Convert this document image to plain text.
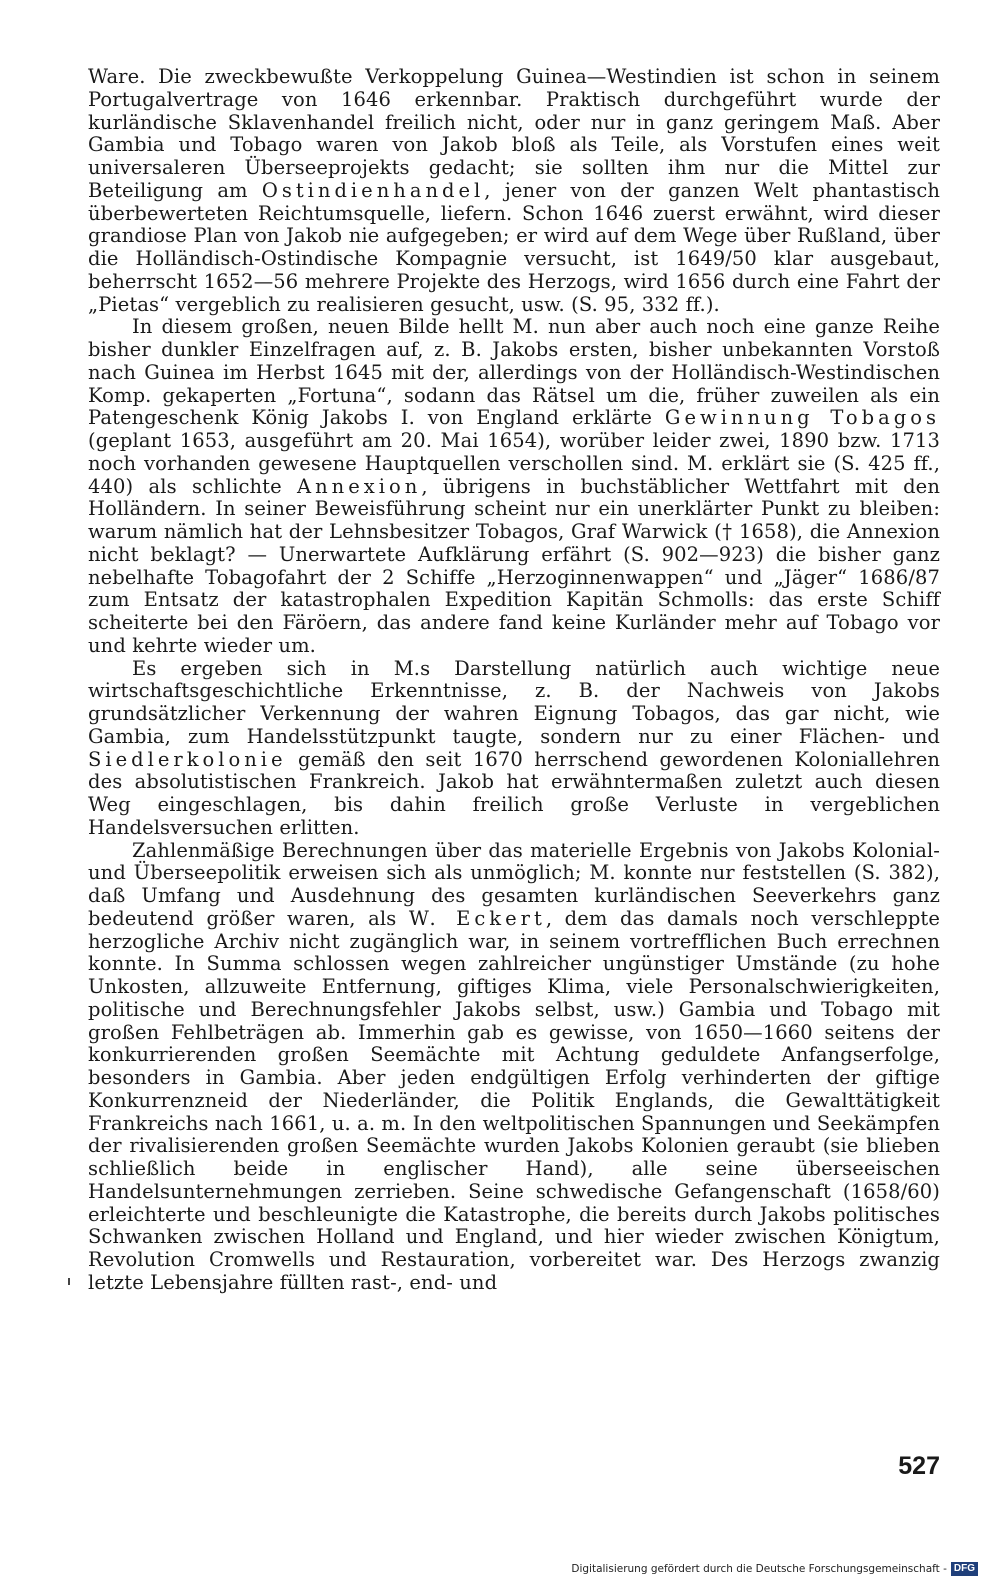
Ware. Die zweckbewußte Verkoppelung Guinea—Westindien ist schon in seinem Portugalvertrage von 1646 erkennbar. Praktisch durchgeführt wurde der kurländische Sklavenhandel freilich nicht, oder nur in ganz geringem Maß. Aber Gambia und Tobago waren von Jakob bloß als Teile, als Vorstufen eines weit universaleren Überseeprojekts gedacht; sie sollten ihm nur die Mittel zur Beteiligung am Ostindienhandel, jener von der ganzen Welt phantastisch überbewerteten Reichtumsquelle, liefern. Schon 1646 zuerst erwähnt, wird dieser grandiose Plan von Jakob nie aufgegeben; er wird auf dem Wege über Rußland, über die Holländisch-Ostindische Kompagnie versucht, ist 1649/50 klar ausgebaut, beherrscht 1652—56 mehrere Projekte des Herzogs, wird 1656 durch eine Fahrt der „Pietas“ vergeblich zu realisieren gesucht, usw. (S. 95, 332 ff.).

In diesem großen, neuen Bilde hellt M. nun aber auch noch eine ganze Reihe bisher dunkler Einzelfragen auf, z. B. Jakobs ersten, bisher unbekannten Vorstoß nach Guinea im Herbst 1645 mit der, allerdings von der Holländisch-Westindischen Komp. gekaperten „Fortuna“, sodann das Rätsel um die, früher zuweilen als ein Patengeschenk König Jakobs I. von England erklärte Gewinnung Tobagos (geplant 1653, ausgeführt am 20. Mai 1654), worüber leider zwei, 1890 bzw. 1713 noch vorhanden gewesene Hauptquellen verschollen sind. M. erklärt sie (S. 425 ff., 440) als schlichte Annexion, übrigens in buchstäblicher Wettfahrt mit den Holländern. In seiner Beweisführung scheint nur ein unerklärter Punkt zu bleiben: warum nämlich hat der Lehnsbesitzer Tobagos, Graf Warwick († 1658), die Annexion nicht beklagt? — Unerwartete Aufklärung erfährt (S. 902—923) die bisher ganz nebelhafte Tobagofahrt der 2 Schiffe „Herzoginnenwappen“ und „Jäger“ 1686/87 zum Entsatz der katastrophalen Expedition Kapitän Schmolls: das erste Schiff scheiterte bei den Färöern, das andere fand keine Kurländer mehr auf Tobago vor und kehrte wieder um.

Es ergeben sich in M.s Darstellung natürlich auch wichtige neue wirtschaftsgeschichtliche Erkenntnisse, z. B. der Nachweis von Jakobs grundsätzlicher Verkennung der wahren Eignung Tobagos, das gar nicht, wie Gambia, zum Handelsstützpunkt taugte, sondern nur zu einer Flächen- und Siedlerkolonie gemäß den seit 1670 herrschend gewordenen Koloniallehren des absolutistischen Frankreich. Jakob hat erwähntermaßen zuletzt auch diesen Weg eingeschlagen, bis dahin freilich große Verluste in vergeblichen Handelsversuchen erlitten.

Zahlenmäßige Berechnungen über das materielle Ergebnis von Jakobs Kolonial- und Überseepolitik erweisen sich als unmöglich; M. konnte nur feststellen (S. 382), daß Umfang und Ausdehnung des gesamten kurländischen Seeverkehrs ganz bedeutend größer waren, als W. Eckert, dem das damals noch verschleppte herzogliche Archiv nicht zugänglich war, in seinem vortrefflichen Buch errechnen konnte. In Summa schlossen wegen zahlreicher ungünstiger Umstände (zu hohe Unkosten, allzuweite Entfernung, giftiges Klima, viele Personalschwierigkeiten, politische und Berechnungsfehler Jakobs selbst, usw.) Gambia und Tobago mit großen Fehlbeträgen ab. Immerhin gab es gewisse, von 1650—1660 seitens der konkurrierenden großen Seemächte mit Achtung geduldete Anfangserfolge, besonders in Gambia. Aber jeden endgültigen Erfolg verhinderten der giftige Konkurrenzneid der Niederländer, die Politik Englands, die Gewalttätigkeit Frankreichs nach 1661, u. a. m. In den weltpolitischen Spannungen und Seekämpfen der rivalisierenden großen Seemächte wurden Jakobs Kolonien geraubt (sie blieben schließlich beide in englischer Hand), alle seine überseeischen Handelsunternehmungen zerrieben. Seine schwedische Gefangenschaft (1658/60) erleichterte und beschleunigte die Katastrophe, die bereits durch Jakobs politisches Schwanken zwischen Holland und England, und hier wieder zwischen Königtum, Revolution Cromwells und Restauration, vorbereitet war. Des Herzogs zwanzig letzte Lebensjahre füllten rast-, end- und

527
Digitalisierung gefördert durch die Deutsche Forschungsgemeinschaft - DFG
